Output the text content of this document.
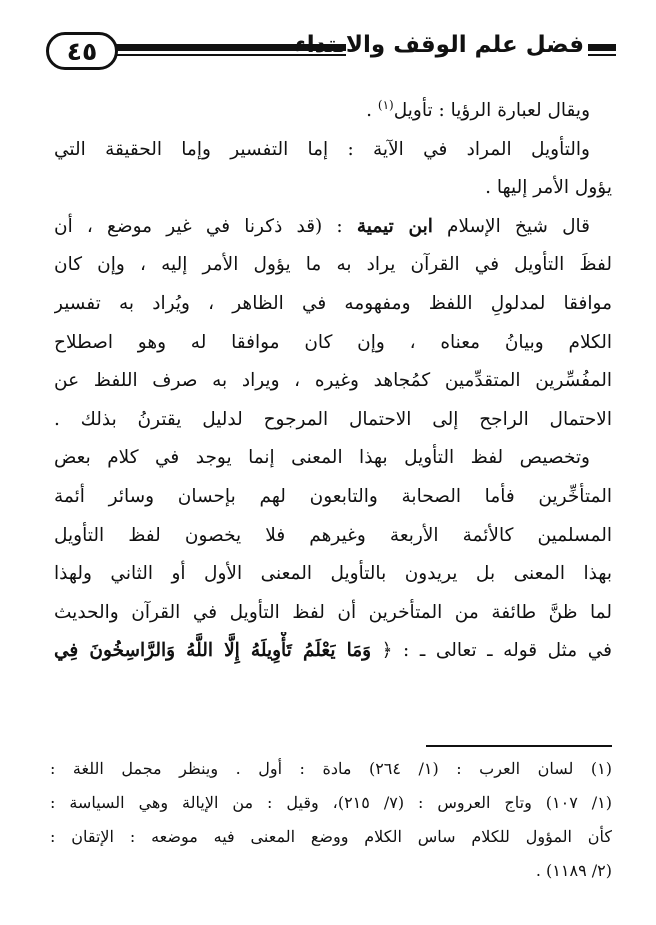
٤٥	فضل علم الوقف والابتداء
ويقال لعبارة الرؤيا : تأويل$^{(١)}$ .
والتأويل المراد في الآية : إما التفسير وإما الحقيقة التي
يؤول الأمر إليها .
قال شيخ الإسلام ابن تيمية : (قد ذكرنا في غير موضع ، أن
لفظَ التأويل في القرآن يراد به ما يؤول الأمر إليه ، وإن كان
موافقا لمدلولِ اللفظ ومفهومه في الظاهر ، ويُراد به تفسير
الكلام وبيانُ معناه ، وإن كان موافقا له وهو اصطلاح
المفُسِّرين المتقدِّمين كمُجاهد وغيره ، ويراد به صرف اللفظ عن
الاحتمال الراجح إلى الاحتمال المرجوح لدليل يقترنُ بذلك .
وتخصيص لفظ التأويل بهذا المعنى إنما يوجد في كلام بعض
المتأخِّرين فأما الصحابة والتابعون لهم بإحسان وسائر أئمة
المسلمين كالأئمة الأربعة وغيرهم فلا يخصون لفظ التأويل
بهذا المعنى بل يريدون بالتأويل المعنى الأول أو الثاني ولهذا
لما ظنَّ طائفة من المتأخرين أن لفظ التأويل في القرآن والحديث
في مثل قوله ـ تعالى ـ : ﴿ وَمَا يَعْلَمُ تَأْوِيلَهُ إِلَّا اللَّهُ وَالرَّاسِخُونَ فِي
(١) لسان العرب : (١/ ٢٦٤) مادة : أول . وينظر مجمل اللغة :
(١/ ١٠٧) وتاج العروس : (٧/ ٢١٥)، وقيل : من الإيالة وهي السياسة :
كأن المؤول للكلام ساس الكلام ووضع المعنى فيه موضعه : الإتقان :
(٢/ ١١٨٩) .
